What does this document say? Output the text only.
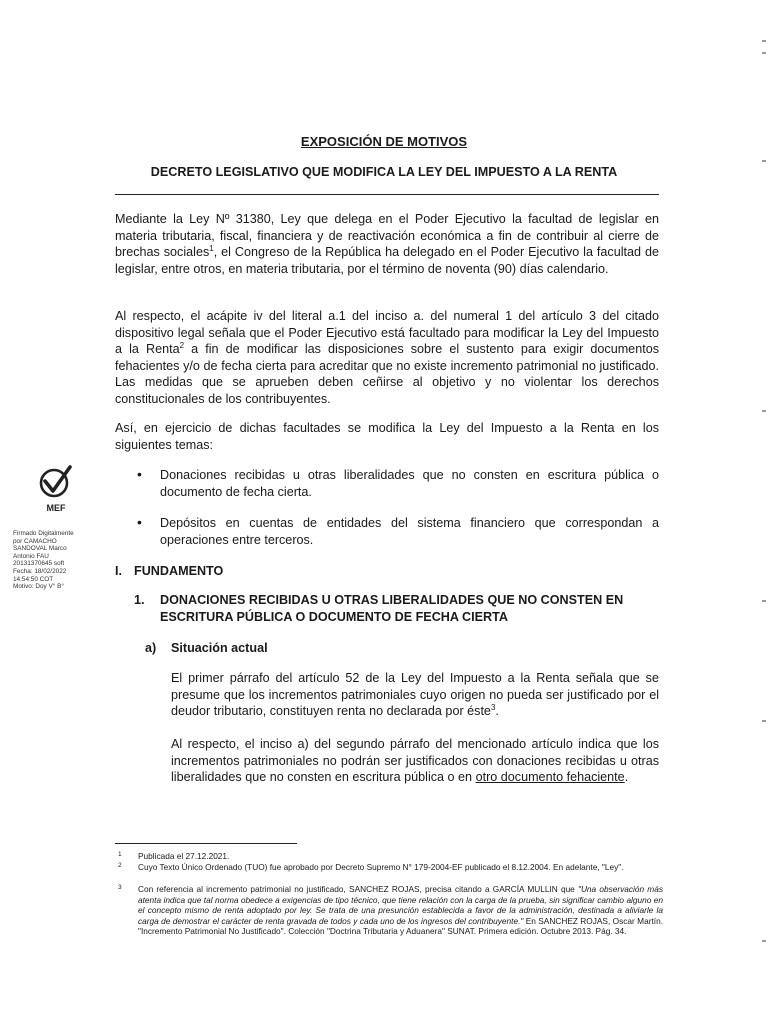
EXPOSICIÓN DE MOTIVOS
DECRETO LEGISLATIVO QUE MODIFICA LA LEY DEL IMPUESTO A LA RENTA

Mediante la Ley Nº 31380, Ley que delega en el Poder Ejecutivo la facultad de legislar en materia tributaria, fiscal, financiera y de reactivación económica a fin de contribuir al cierre de brechas sociales$^1$, el Congreso de la República ha delegado en el Poder Ejecutivo la facultad de legislar, entre otros, en materia tributaria, por el término de noventa (90) días calendario.

Al respecto, el acápite iv del literal a.1 del inciso a. del numeral 1 del artículo 3 del citado dispositivo legal señala que el Poder Ejecutivo está facultado para modificar la Ley del Impuesto a la Renta$^2$ a fin de modificar las disposiciones sobre el sustento para exigir documentos fehacientes y/o de fecha cierta para acreditar que no existe incremento patrimonial no justificado. Las medidas que se aprueben deben ceñirse al objetivo y no violentar los derechos constitucionales de los contribuyentes.

Así, en ejercicio de dichas facultades se modifica la Ley del Impuesto a la Renta en los siguientes temas:

• Donaciones recibidas u otras liberalidades que no consten en escritura pública o documento de fecha cierta.

• Depósitos en cuentas de entidades del sistema financiero que correspondan a operaciones entre terceros.

I. FUNDAMENTO

1. DONACIONES RECIBIDAS U OTRAS LIBERALIDADES QUE NO CONSTEN EN ESCRITURA PÚBLICA O DOCUMENTO DE FECHA CIERTA

a) Situación actual

El primer párrafo del artículo 52 de la Ley del Impuesto a la Renta señala que se presume que los incrementos patrimoniales cuyo origen no pueda ser justificado por el deudor tributario, constituyen renta no declarada por éste$^3$.

Al respecto, el inciso a) del segundo párrafo del mencionado artículo indica que los incrementos patrimoniales no podrán ser justificados con donaciones recibidas u otras liberalidades que no consten en escritura pública o en otro documento fehaciente.

MEF
Firmado Digitalmente
por CAMACHO
SANDOVAL Marco
Antonio FAU
20131370645 soft
Fecha: 18/02/2022
14:54:50 COT
Motivo: Doy V° B°
1 Publicada el 27.12.2021.
2 Cuyo Texto Único Ordenado (TUO) fue aprobado por Decreto Supremo N° 179-2004-EF publicado el 8.12.2004. En adelante, "Ley".
3 Con referencia al incremento patrimonial no justificado, SANCHEZ ROJAS, precisa citando a GARCÍA MULLIN que "Una observación más atenta indica que tal norma obedece a exigencias de tipo técnico, que tiene relación con la carga de la prueba, sin significar cambio alguno en el concepto mismo de renta adoptado por ley. Se trata de una presunción establecida a favor de la administración, destinada a aliviarle la carga de demostrar el carácter de renta gravada de todos y cada uno de los ingresos del contribuyente." En SANCHEZ ROJAS, Oscar Martín. "Incremento Patrimonial No Justificado". Colección "Doctrina Tributaria y Aduanera" SUNAT. Primera edición. Octubre 2013. Pág. 34.
